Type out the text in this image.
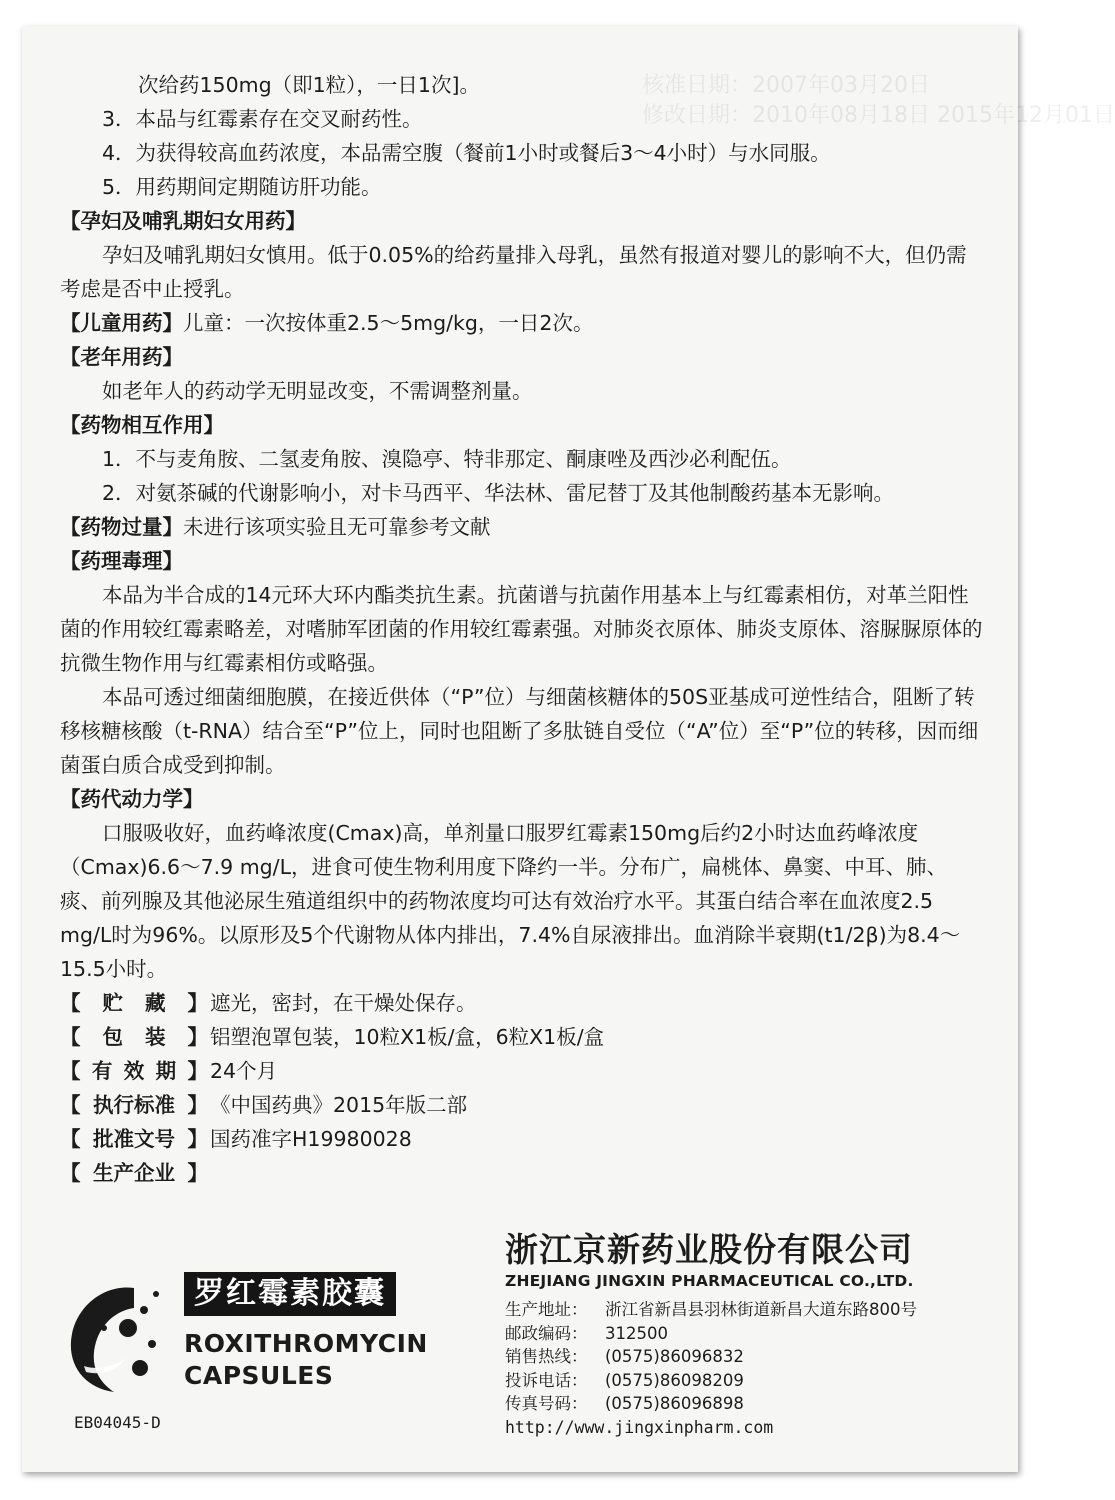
核准日期：2007年03月20日
修改日期：2010年08月18日 2015年12月01日

次给药150mg（即1粒），一日1次]。

3．本品与红霉素存在交叉耐药性。

4．为获得较高血药浓度，本品需空腹（餐前1小时或餐后3～4小时）与水同服。

5．用药期间定期随访肝功能。

【孕妇及哺乳期妇女用药】

孕妇及哺乳期妇女慎用。低于0.05%的给药量排入母乳，虽然有报道对婴儿的影响不大，但仍需考虑是否中止授乳。

【儿童用药】儿童：一次按体重2.5～5mg/kg，一日2次。

【老年用药】

如老年人的药动学无明显改变，不需调整剂量。

【药物相互作用】

1．不与麦角胺、二氢麦角胺、溴隐亭、特非那定、酮康唑及西沙必利配伍。

2．对氨茶碱的代谢影响小，对卡马西平、华法林、雷尼替丁及其他制酸药基本无影响。

【药物过量】未进行该项实验且无可靠参考文献

【药理毒理】

本品为半合成的14元环大环内酯类抗生素。抗菌谱与抗菌作用基本上与红霉素相仿，对革兰阳性菌的作用较红霉素略差，对嗜肺军团菌的作用较红霉素强。对肺炎衣原体、肺炎支原体、溶脲脲原体的抗微生物作用与红霉素相仿或略强。

本品可透过细菌细胞膜，在接近供体（“P”位）与细菌核糖体的50S亚基成可逆性结合，阻断了转移核糖核酸（t-RNA）结合至“P”位上，同时也阻断了多肽链自受位（“A”位）至“P”位的转移，因而细菌蛋白质合成受到抑制。

【药代动力学】

口服吸收好，血药峰浓度(Cmax)高，单剂量口服罗红霉素150mg后约2小时达血药峰浓度（Cmax)6.6～7.9 mg/L，进食可使生物利用度下降约一半。分布广，扁桃体、鼻窦、中耳、肺、痰、前列腺及其他泌尿生殖道组织中的药物浓度均可达有效治疗水平。其蛋白结合率在血浓度2.5 mg/L时为96%。以原形及5个代谢物从体内排出，7.4%自尿液排出。血消除半衰期(t1/2β)为8.4～15.5小时。

【 贮 藏 】 遮光，密封，在干燥处保存。
【 包 装 】 铝塑泡罩包装，10粒X1板/盒，6粒X1板/盒
【 有 效 期 】 24个月
【 执行标准 】 《中国药典》2015年版二部
【 批准文号 】 国药准字H19980028
【 生产企业 】
浙江京新药业股份有限公司
ZHEJIANG JINGXIN PHARMACEUTICAL CO.,LTD.
生产地址：	浙江省新昌县羽林街道新昌大道东路800号
邮政编码：	312500
销售热线：	(0575)86096832
投诉电话：	(0575)86098209
传真号码：	(0575)86096898
http://www.jingxinpharm.com
罗红霉素胶囊
ROXITHROMYCIN
CAPSULES
EB04045-D
